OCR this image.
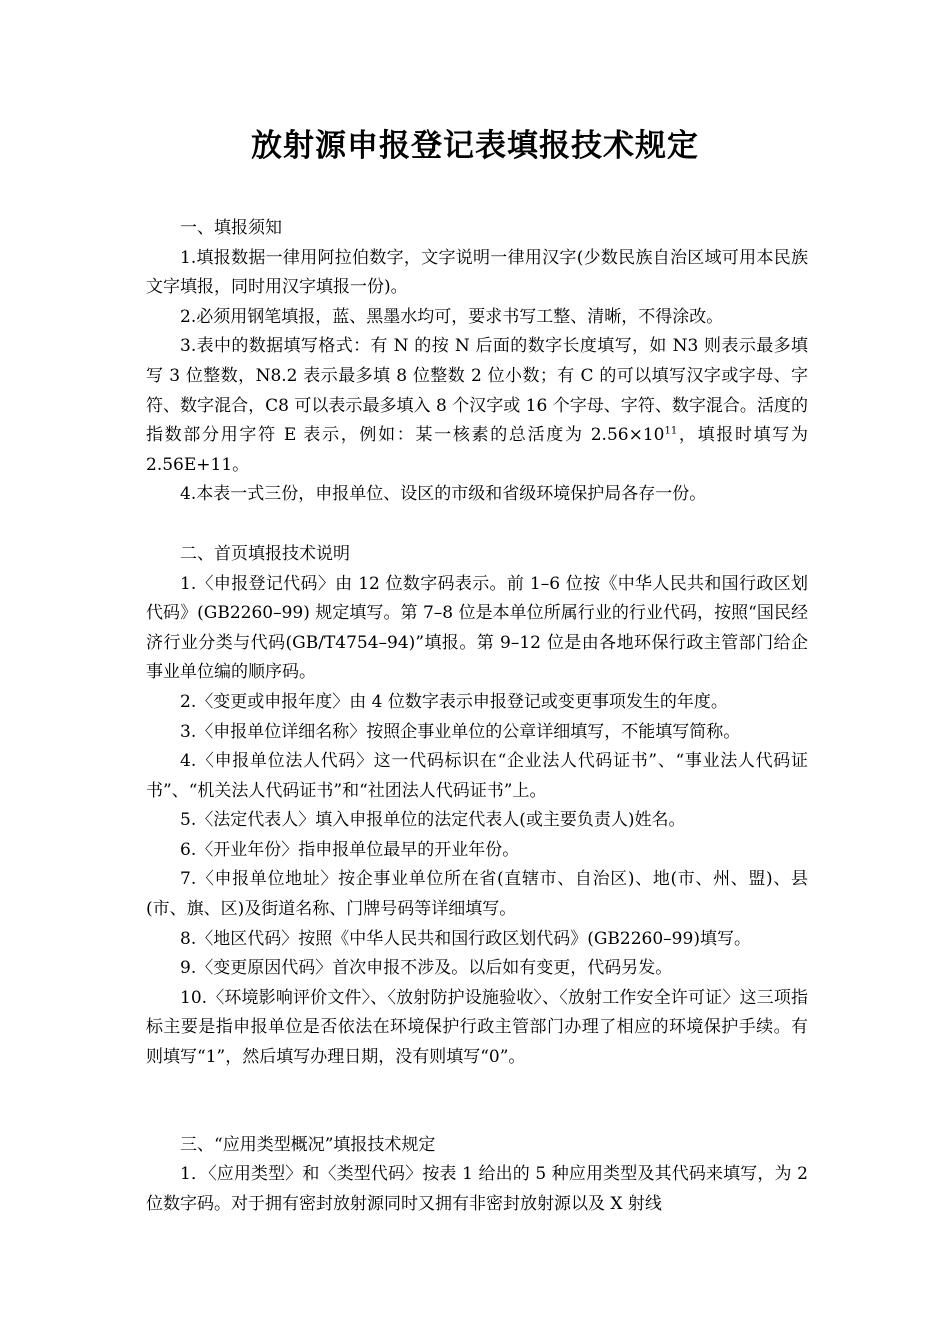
放射源申报登记表填报技术规定

一、填报须知

1.填报数据一律用阿拉伯数字，文字说明一律用汉字(少数民族自治区域可用本民族文字填报，同时用汉字填报一份)。

2.必须用钢笔填报，蓝、黑墨水均可，要求书写工整、清晰，不得涂改。

3.表中的数据填写格式：有 N 的按 N 后面的数字长度填写，如 N3 则表示最多填写 3 位整数，N8.2 表示最多填 8 位整数 2 位小数；有 C 的可以填写汉字或字母、字符、数字混合，C8 可以表示最多填入 8 个汉字或 16 个字母、字符、数字混合。活度的指数部分用字符 E 表示，例如：某一核素的总活度为 $2.56\times 10^{11}$，填报时填写为 2.56E+11。

4.本表一式三份，申报单位、设区的市级和省级环境保护局各存一份。

二、首页填报技术说明

1.〈申报登记代码〉由 12 位数字码表示。前 1–6 位按《中华人民共和国行政区划代码》(GB2260–99) 规定填写。第 7–8 位是本单位所属行业的行业代码，按照“国民经济行业分类与代码(GB/T4754–94)”填报。第 9–12 位是由各地环保行政主管部门给企事业单位编的顺序码。

2.〈变更或申报年度〉由 4 位数字表示申报登记或变更事项发生的年度。

3.〈申报单位详细名称〉按照企事业单位的公章详细填写，不能填写简称。

4.〈申报单位法人代码〉这一代码标识在“企业法人代码证书”、“事业法人代码证书”、“机关法人代码证书”和“社团法人代码证书”上。

5.〈法定代表人〉填入申报单位的法定代表人(或主要负责人)姓名。

6.〈开业年份〉指申报单位最早的开业年份。

7.〈申报单位地址〉按企事业单位所在省(直辖市、自治区)、地(市、州、盟)、县(市、旗、区)及街道名称、门牌号码等详细填写。

8.〈地区代码〉按照《中华人民共和国行政区划代码》(GB2260–99)填写。

9.〈变更原因代码〉首次申报不涉及。以后如有变更，代码另发。

10.〈环境影响评价文件〉、〈放射防护设施验收〉、〈放射工作安全许可证〉这三项指标主要是指申报单位是否依法在环境保护行政主管部门办理了相应的环境保护手续。有则填写“1”，然后填写办理日期，没有则填写“0”。

三、“应用类型概况”填报技术规定

1．〈应用类型〉和〈类型代码〉按表 1 给出的 5 种应用类型及其代码来填写，为 2 位数字码。对于拥有密封放射源同时又拥有非密封放射源以及 X 射线
